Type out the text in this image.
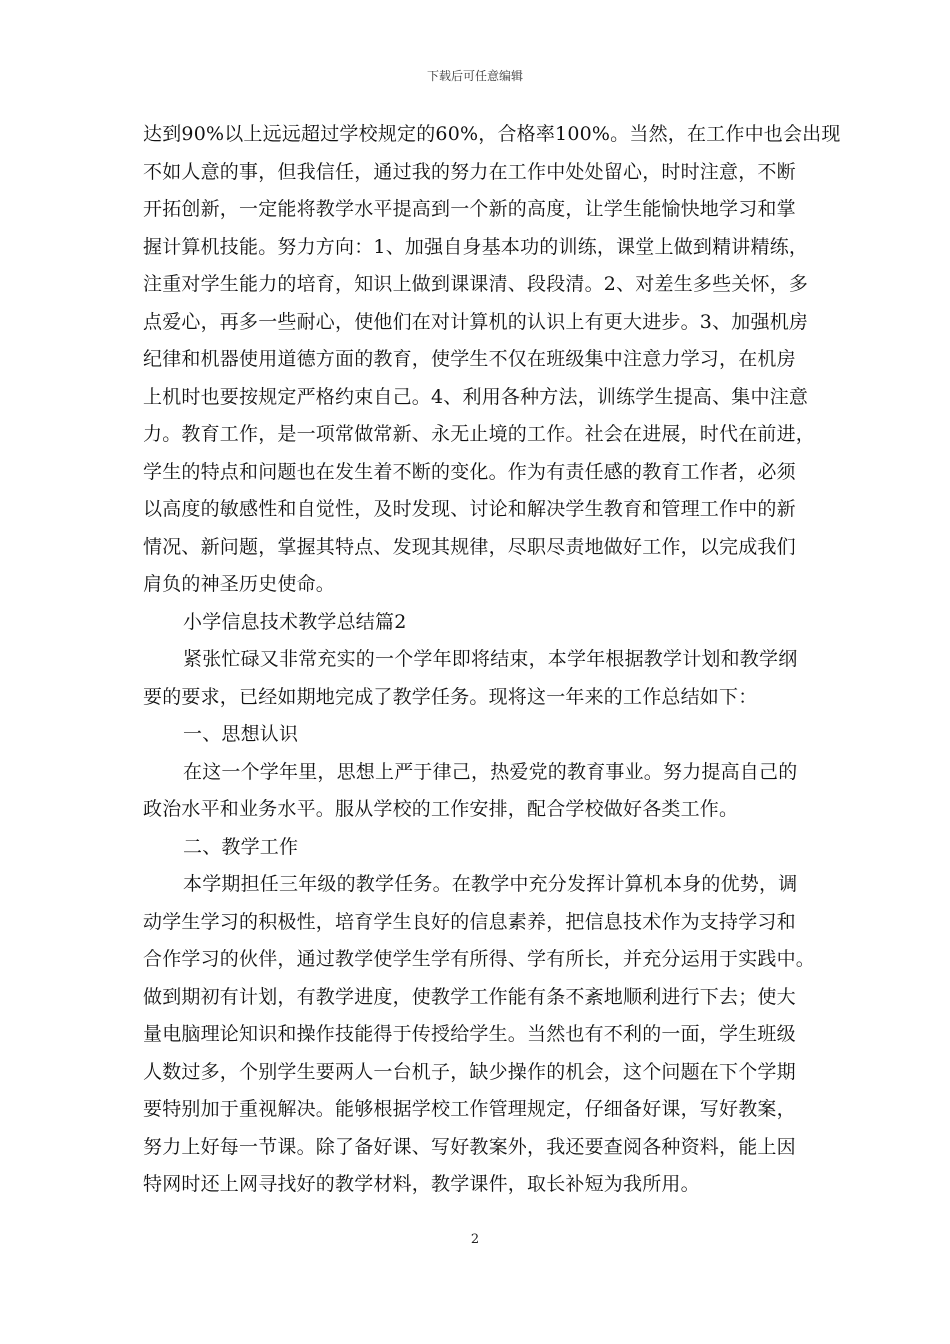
下载后可任意编辑
达到90%以上远远超过学校规定的60%，合格率100%。当然，在工作中也会出现
不如人意的事，但我信任，通过我的努力在工作中处处留心，时时注意，不断
开拓创新，一定能将教学水平提高到一个新的高度，让学生能愉快地学习和掌
握计算机技能。努力方向：1、加强自身基本功的训练，课堂上做到精讲精练，
注重对学生能力的培育，知识上做到课课清、段段清。2、对差生多些关怀，多
点爱心，再多一些耐心，使他们在对计算机的认识上有更大进步。3、加强机房
纪律和机器使用道德方面的教育，使学生不仅在班级集中注意力学习，在机房
上机时也要按规定严格约束自己。4、利用各种方法，训练学生提高、集中注意
力。教育工作，是一项常做常新、永无止境的工作。社会在进展，时代在前进，
学生的特点和问题也在发生着不断的变化。作为有责任感的教育工作者，必须
以高度的敏感性和自觉性，及时发现、讨论和解决学生教育和管理工作中的新
情况、新问题，掌握其特点、发现其规律，尽职尽责地做好工作，以完成我们
肩负的神圣历史使命。
小学信息技术教学总结篇2
紧张忙碌又非常充实的一个学年即将结束，本学年根据教学计划和教学纲
要的要求，已经如期地完成了教学任务。现将这一年来的工作总结如下：
一、思想认识
在这一个学年里，思想上严于律己，热爱党的教育事业。努力提高自己的
政治水平和业务水平。服从学校的工作安排，配合学校做好各类工作。
二、教学工作
本学期担任三年级的教学任务。在教学中充分发挥计算机本身的优势，调
动学生学习的积极性，培育学生良好的信息素养，把信息技术作为支持学习和
合作学习的伙伴，通过教学使学生学有所得、学有所长，并充分运用于实践中。
做到期初有计划，有教学进度，使教学工作能有条不紊地顺利进行下去；使大
量电脑理论知识和操作技能得于传授给学生。当然也有不利的一面，学生班级
人数过多，个别学生要两人一台机子，缺少操作的机会，这个问题在下个学期
要特别加于重视解决。能够根据学校工作管理规定，仔细备好课，写好教案，
努力上好每一节课。除了备好课、写好教案外，我还要查阅各种资料，能上因
特网时还上网寻找好的教学材料，教学课件，取长补短为我所用。
2
